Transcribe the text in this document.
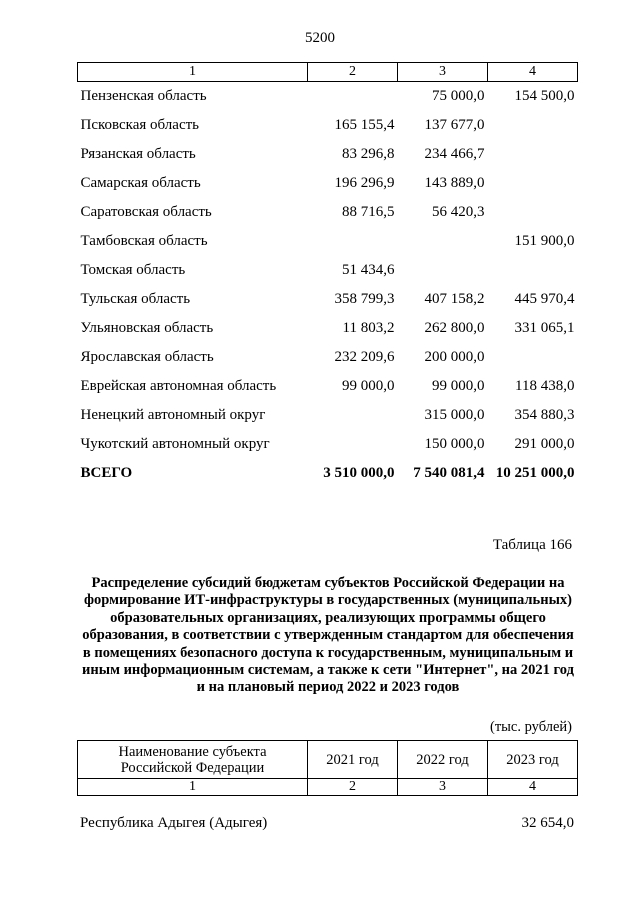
5200
1	2	3	4
Пензенская область		75 000,0	154 500,0
Псковская область	165 155,4	137 677,0	
Рязанская область	83 296,8	234 466,7	
Самарская область	196 296,9	143 889,0	
Саратовская область	88 716,5	56 420,3	
Тамбовская область			151 900,0
Томская область	51 434,6		
Тульская область	358 799,3	407 158,2	445 970,4
Ульяновская область	11 803,2	262 800,0	331 065,1
Ярославская область	232 209,6	200 000,0	
Еврейская автономная область	99 000,0	99 000,0	118 438,0
Ненецкий автономный округ		315 000,0	354 880,3
Чукотский автономный округ		150 000,0	291 000,0
ВСЕГО	3 510 000,0	7 540 081,4	10 251 000,0
Таблица 166
Распределение субсидий бюджетам субъектов Российской Федерации на формирование ИТ-инфраструктуры в государственных (муниципальных) образовательных организациях, реализующих программы общего образования, в соответствии с утвержденным стандартом для обеспечения в помещениях безопасного доступа к государственным, муниципальным и иным информационным системам, а также к сети "Интернет", на 2021 год и на плановый период 2022 и 2023 годов
(тыс. рублей)
Наименование субъекта
Российской Федерации	2021 год	2022 год	2023 год
1	2	3	4
Республика Адыгея (Адыгея)	32 654,0
